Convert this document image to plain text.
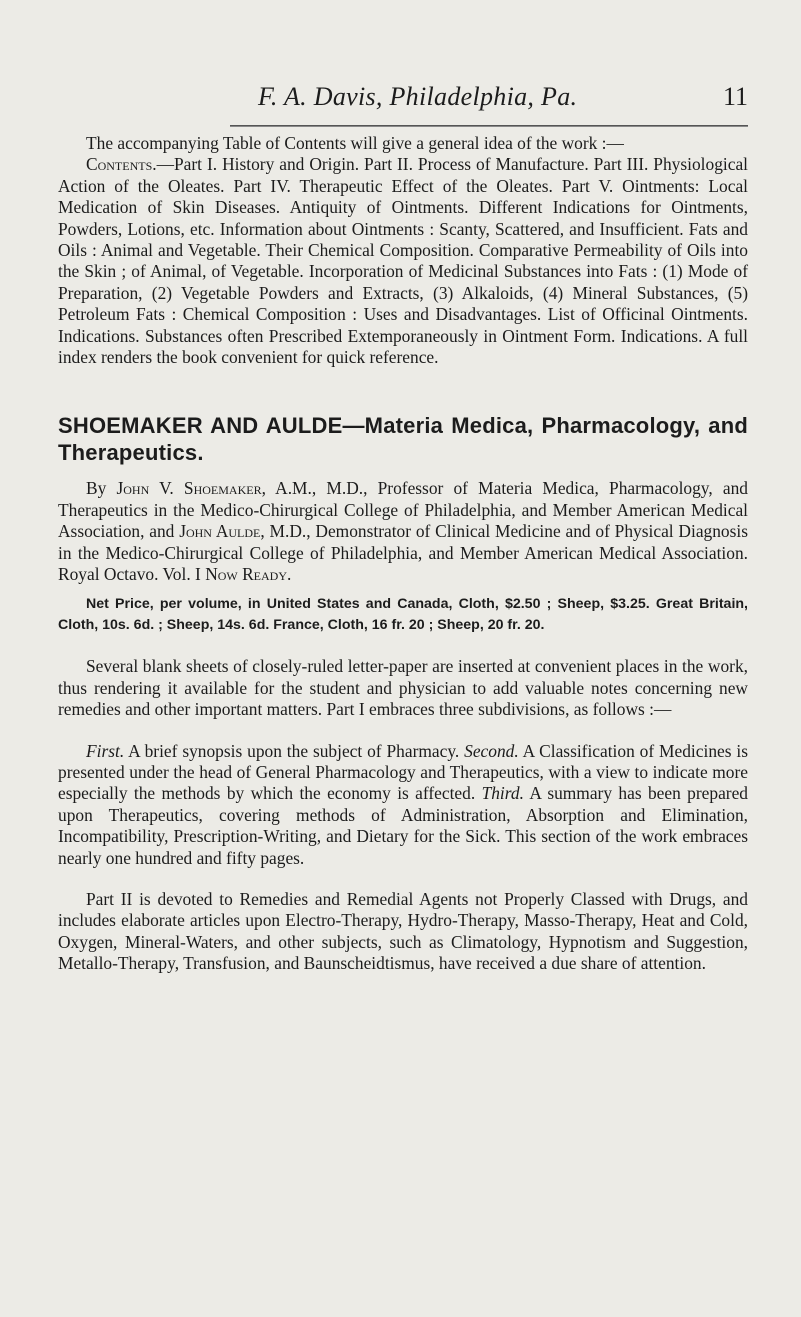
F. A. Davis, Philadelphia, Pa.	11

The accompanying Table of Contents will give a general idea of the work :—

Contents.—Part I. History and Origin. Part II. Process of Manufacture. Part III. Physiological Action of the Oleates. Part IV. Therapeutic Effect of the Oleates. Part V. Ointments: Local Medication of Skin Diseases. Antiquity of Ointments. Different Indications for Ointments, Powders, Lotions, etc. Information about Ointments : Scanty, Scattered, and Insufficient. Fats and Oils : Animal and Vegetable. Their Chemical Composition. Comparative Permeability of Oils into the Skin ; of Animal, of Vegetable. Incorporation of Medicinal Substances into Fats : (1) Mode of Preparation, (2) Vegetable Powders and Extracts, (3) Alkaloids, (4) Mineral Substances, (5) Petroleum Fats : Chemical Composition : Uses and Disadvantages. List of Officinal Ointments. Indications. Substances often Prescribed Extemporaneously in Ointment Form. Indications. A full index renders the book convenient for quick reference.

SHOEMAKER AND AULDE—Materia Medica, Pharmacology, and Therapeutics.

By John V. Shoemaker, A.M., M.D., Professor of Materia Medica, Pharmacology, and Therapeutics in the Medico-Chirurgical College of Philadelphia, and Member American Medical Association, and John Aulde, M.D., Demonstrator of Clinical Medicine and of Physical Diagnosis in the Medico-Chirurgical College of Philadelphia, and Member American Medical Association. Royal Octavo. Vol. I Now Ready.

Net Price, per volume, in United States and Canada, Cloth, $2.50 ; Sheep, $3.25. Great Britain, Cloth, 10s. 6d. ; Sheep, 14s. 6d. France, Cloth, 16 fr. 20 ; Sheep, 20 fr. 20.

Several blank sheets of closely-ruled letter-paper are inserted at convenient places in the work, thus rendering it available for the student and physician to add valuable notes concerning new remedies and other important matters. Part I embraces three subdivisions, as follows :—

First. A brief synopsis upon the subject of Pharmacy. Second. A Classification of Medicines is presented under the head of General Pharmacology and Therapeutics, with a view to indicate more especially the methods by which the economy is affected. Third. A summary has been prepared upon Therapeutics, covering methods of Administration, Absorption and Elimination, Incompatibility, Prescription-Writing, and Dietary for the Sick. This section of the work embraces nearly one hundred and fifty pages.

Part II is devoted to Remedies and Remedial Agents not Properly Classed with Drugs, and includes elaborate articles upon Electro-Therapy, Hydro-Therapy, Masso-Therapy, Heat and Cold, Oxygen, Mineral-Waters, and other subjects, such as Climatology, Hypnotism and Suggestion, Metallo-Therapy, Transfusion, and Baunscheidtismus, have received a due share of attention.
